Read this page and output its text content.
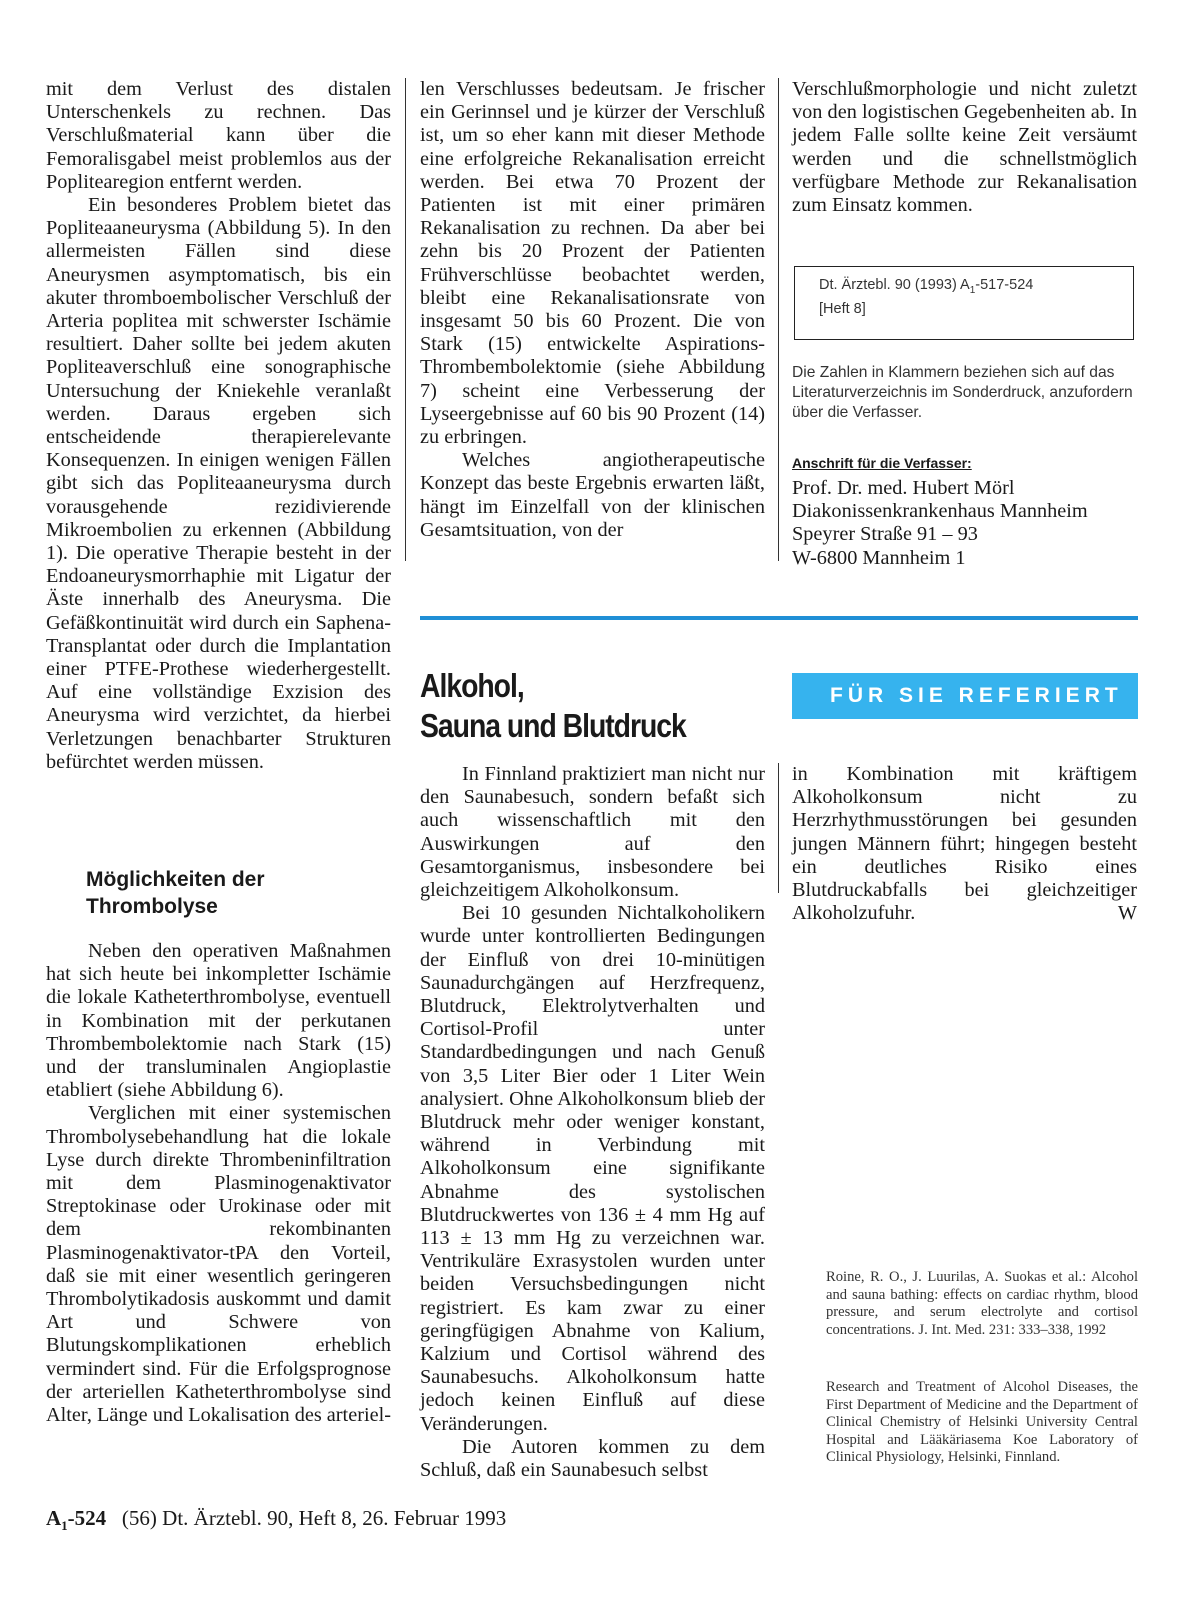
mit dem Verlust des distalen Unterschenkels zu rechnen. Das Verschlußmaterial kann über die Femoralisgabel meist problemlos aus der Poplitearegion entfernt werden.

Ein besonderes Problem bietet das Popliteaaneurysma (Abbildung 5). In den allermeisten Fällen sind diese Aneurysmen asymptomatisch, bis ein akuter thromboembolischer Verschluß der Arteria poplitea mit schwerster Ischämie resultiert. Daher sollte bei jedem akuten Popliteaverschluß eine sonographische Untersuchung der Kniekehle veranlaßt werden. Daraus ergeben sich entscheidende therapierelevante Konsequenzen. In einigen wenigen Fällen gibt sich das Popliteaaneurysma durch vorausgehende rezidivierende Mikroembolien zu erkennen (Abbildung 1). Die operative Therapie besteht in der Endoaneurysmorrhaphie mit Ligatur der Äste innerhalb des Aneurysma. Die Gefäßkontinuität wird durch ein Saphena-Transplantat oder durch die Implantation einer PTFE-Prothese wiederhergestellt. Auf eine vollständige Exzision des Aneurysma wird verzichtet, da hierbei Verletzungen benachbarter Strukturen befürchtet werden müssen.

Möglichkeiten der Thrombolyse

Neben den operativen Maßnahmen hat sich heute bei inkompletter Ischämie die lokale Katheterthrombolyse, eventuell in Kombination mit der perkutanen Thrombembolektomie nach Stark (15) und der transluminalen Angioplastie etabliert (siehe Abbildung 6).

Verglichen mit einer systemischen Thrombolysebehandlung hat die lokale Lyse durch direkte Thrombeninfiltration mit dem Plasminogenaktivator Streptokinase oder Urokinase oder mit dem rekombinanten Plasminogenaktivator-tPA den Vorteil, daß sie mit einer wesentlich geringeren Thrombolytikadosis auskommt und damit Art und Schwere von Blutungskomplikationen erheblich vermindert sind. Für die Erfolgsprognose der arteriellen Katheterthrombolyse sind Alter, Länge und Lokalisation des arteriel-

len Verschlusses bedeutsam. Je frischer ein Gerinnsel und je kürzer der Verschluß ist, um so eher kann mit dieser Methode eine erfolgreiche Rekanalisation erreicht werden. Bei etwa 70 Prozent der Patienten ist mit einer primären Rekanalisation zu rechnen. Da aber bei zehn bis 20 Prozent der Patienten Frühverschlüsse beobachtet werden, bleibt eine Rekanalisationsrate von insgesamt 50 bis 60 Prozent. Die von Stark (15) entwickelte Aspirations-Thrombembolektomie (siehe Abbildung 7) scheint eine Verbesserung der Lyseergebnisse auf 60 bis 90 Prozent (14) zu erbringen.

Welches angiotherapeutische Konzept das beste Ergebnis erwarten läßt, hängt im Einzelfall von der klinischen Gesamtsituation, von der

Verschlußmorphologie und nicht zuletzt von den logistischen Gegebenheiten ab. In jedem Falle sollte keine Zeit versäumt werden und die schnellstmöglich verfügbare Methode zur Rekanalisation zum Einsatz kommen.

Dt. Ärztebl. 90 (1993) $A_1-517-524$
[Heft 8]
Die Zahlen in Klammern beziehen sich auf das Literaturverzeichnis im Sonderdruck, anzufordern über die Verfasser.
Anschrift für die Verfasser:
Prof. Dr. med. Hubert Mörl
Diakonissenkrankenhaus Mannheim
Speyrer Straße 91 – 93
W-6800 Mannheim 1
Alkohol,
Sauna und Blutdruck
FÜR SIE REFERIERT

In Finnland praktiziert man nicht nur den Saunabesuch, sondern befaßt sich auch wissenschaftlich mit den Auswirkungen auf den Gesamtorganismus, insbesondere bei gleichzeitigem Alkoholkonsum.

Bei 10 gesunden Nichtalkoholikern wurde unter kontrollierten Bedingungen der Einfluß von drei 10-minütigen Saunadurchgängen auf Herzfrequenz, Blutdruck, Elektrolytverhalten und Cortisol-Profil unter Standardbedingungen und nach Genuß von 3,5 Liter Bier oder 1 Liter Wein analysiert. Ohne Alkoholkonsum blieb der Blutdruck mehr oder weniger konstant, während in Verbindung mit Alkoholkonsum eine signifikante Abnahme des systolischen Blutdruckwertes von 136 ± 4 mm Hg auf 113 ± 13 mm Hg zu verzeichnen war. Ventrikuläre Exrasystolen wurden unter beiden Versuchsbedingungen nicht registriert. Es kam zwar zu einer geringfügigen Abnahme von Kalium, Kalzium und Cortisol während des Saunabesuchs. Alkoholkonsum hatte jedoch keinen Einfluß auf diese Veränderungen.

Die Autoren kommen zu dem Schluß, daß ein Saunabesuch selbst

in Kombination mit kräftigem Alkoholkonsum nicht zu Herzrhythmusstörungen bei gesunden jungen Männern führt; hingegen besteht ein deutliches Risiko eines Blutdruckabfalls bei gleichzeitiger Alkoholzufuhr.	W

Roine, R. O., J. Luurilas, A. Suokas et al.: Alcohol and sauna bathing: effects on cardiac rhythm, blood pressure, and serum electrolyte and cortisol concentrations. J. Int. Med. 231: 333–338, 1992
Research and Treatment of Alcohol Diseases, the First Department of Medicine and the Department of Clinical Chemistry of Helsinki University Central Hospital and Lääkäriasema Koe Laboratory of Clinical Physiology, Helsinki, Finnland.
$A_1-524$ (56) Dt. Ärztebl. 90, Heft 8, 26. Februar 1993
